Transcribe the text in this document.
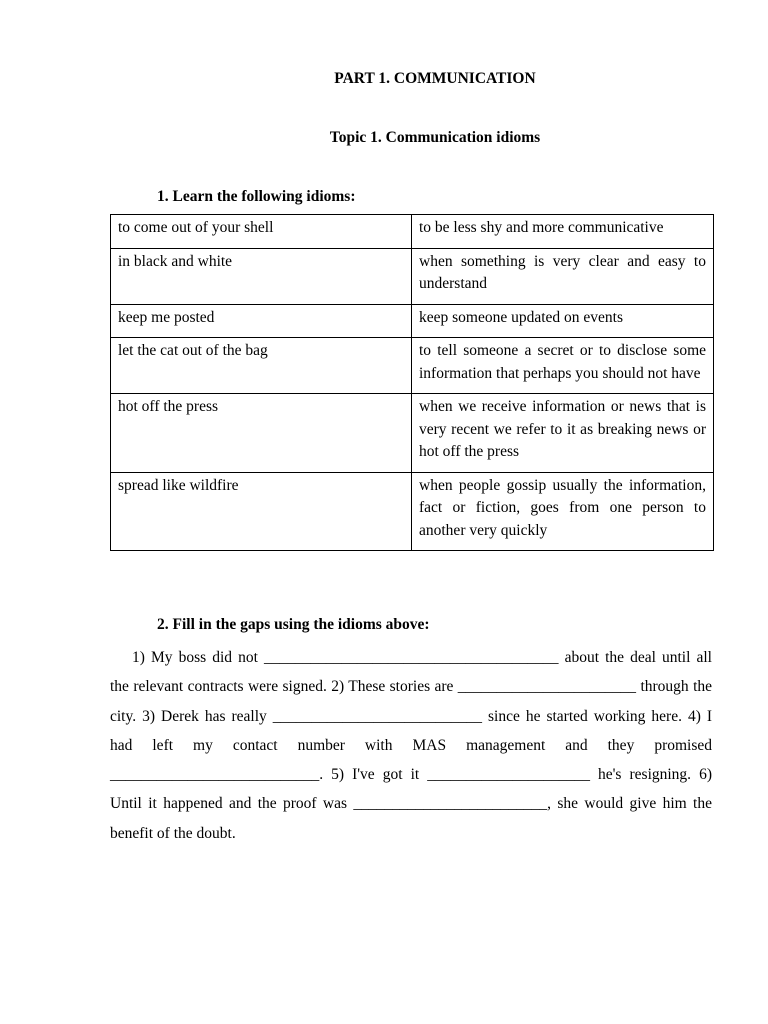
PART 1. COMMUNICATION
Topic 1. Communication idioms
1. Learn the following idioms:
to come out of your shell	to be less shy and more communicative
in black and white	when something is very clear and easy to understand
keep me posted	keep someone updated on events
let the cat out of the bag	to tell someone a secret or to disclose some information that perhaps you should not have
hot off the press	when we receive information or news that is very recent we refer to it as breaking news or hot off the press
spread like wildfire	when people gossip usually the information, fact or fiction, goes from one person to another very quickly
2. Fill in the gaps using the idioms above:

1) My boss did not ______________________________________ about the deal until all the relevant contracts were signed. 2) These stories are _______________________ through the city. 3) Derek has really ___________________________ since he started working here. 4) I had left my contact number with MAS management and they promised ___________________________. 5) I've got it _____________________ he's resigning. 6) Until it happened and the proof was _________________________, she would give him the benefit of the doubt.
